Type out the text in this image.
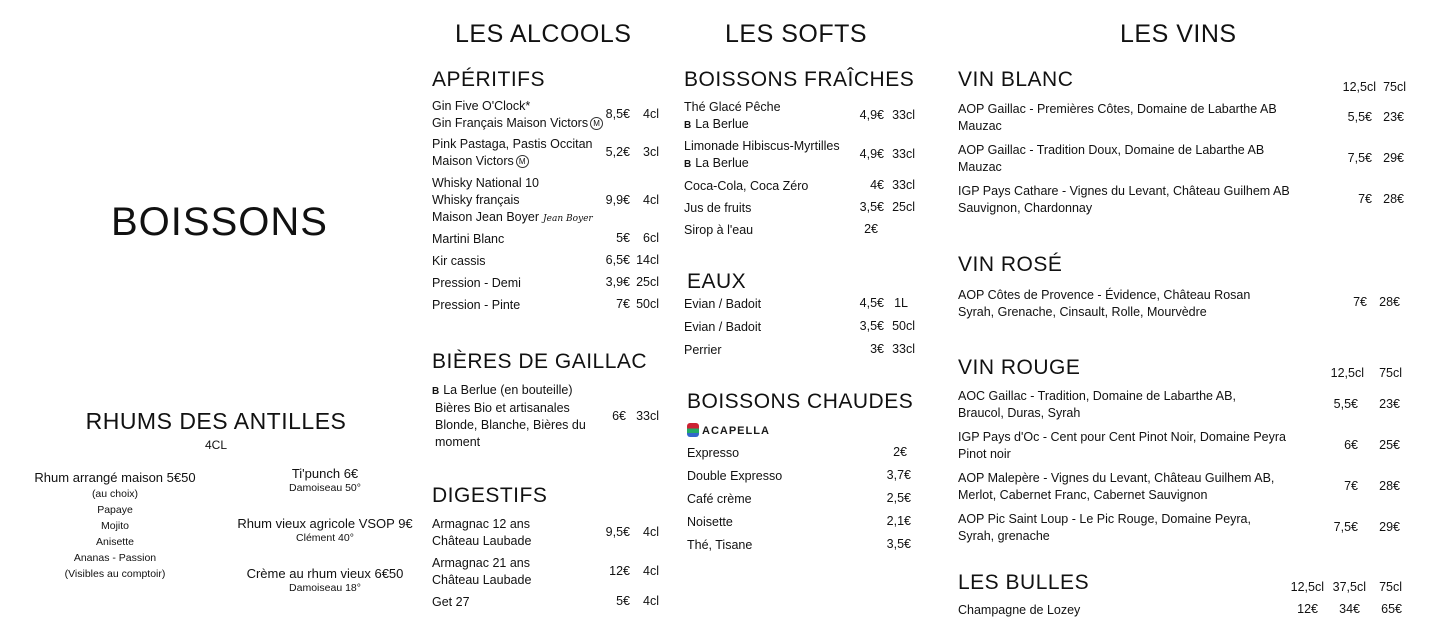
BOISSONS
RHUMS DES ANTILLES
4CL
Rhum arrangé maison 5€50
(au choix)
Papaye
Mojito
Anisette
Ananas - Passion
(Visibles au comptoir)
Ti'punch 6€
Damoiseau 50°
Rhum vieux agricole VSOP 9€
Clément 40°
Crème au rhum vieux 6€50
Damoiseau 18°
LES ALCOOLS
APÉRITIFS
Gin Five O'Clock*
Gin Français Maison Victors M
8,5€ 4cl
Pink Pastaga, Pastis Occitan
Maison Victors M
5,2€ 3cl
Whisky National 10
Whisky français
Maison Jean Boyer Jean Boyer
9,9€ 4cl
Martini Blanc	5€ 6cl
Kir cassis	6,5€ 14cl
Pression - Demi	3,9€ 25cl
Pression - Pinte	7€ 50cl
BIÈRES DE GAILLAC
B La Berlue (en bouteille)
Bières Bio et artisanales
Blonde, Blanche, Bières du
moment
6€ 33cl
DIGESTIFS
Armagnac 12 ans
Château Laubade
9,5€ 4cl
Armagnac 21 ans
Château Laubade
12€ 4cl
Get 27	5€ 4cl
LES SOFTS
BOISSONS FRAÎCHES
Thé Glacé Pêche
B La Berlue
4,9€ 33cl
Limonade Hibiscus-Myrtilles
B La Berlue
4,9€ 33cl
Coca-Cola, Coca Zéro	4€ 33cl
Jus de fruits	3,5€ 25cl
Sirop à l'eau	2€
EAUX
Evian / Badoit	4,5€ 1L
Evian / Badoit	3,5€ 50cl
Perrier	3€ 33cl
BOISSONS CHAUDES
ACAPELLA
Expresso	2€
Double Expresso	3,7€
Café crème	2,5€
Noisette	2,1€
Thé, Tisane	3,5€
LES VINS
VIN BLANC	12,5cl 75cl
AOP Gaillac - Premières Côtes, Domaine de Labarthe AB
Mauzac
5,5€ 23€
AOP Gaillac - Tradition Doux, Domaine de Labarthe AB
Mauzac
7,5€ 29€
IGP Pays Cathare - Vignes du Levant, Château Guilhem AB
Sauvignon, Chardonnay
7€ 28€
VIN ROSÉ
AOP Côtes de Provence - Évidence, Château Rosan
Syrah, Grenache, Cinsault, Rolle, Mourvèdre
7€ 28€
VIN ROUGE	12,5cl	75cl
AOC Gaillac - Tradition, Domaine de Labarthe AB,
Braucol, Duras, Syrah
5,5€ 23€
IGP Pays d'Oc - Cent pour Cent Pinot Noir, Domaine Peyra
Pinot noir
6€ 25€
AOP Malepère - Vignes du Levant, Château Guilhem AB,
Merlot, Cabernet Franc, Cabernet Sauvignon
7€ 28€
AOP Pic Saint Loup - Le Pic Rouge, Domaine Peyra,
Syrah, grenache
7,5€ 29€
LES BULLES	12,5cl 37,5cl	75cl
Champagne de Lozey	12€ 34€ 65€
